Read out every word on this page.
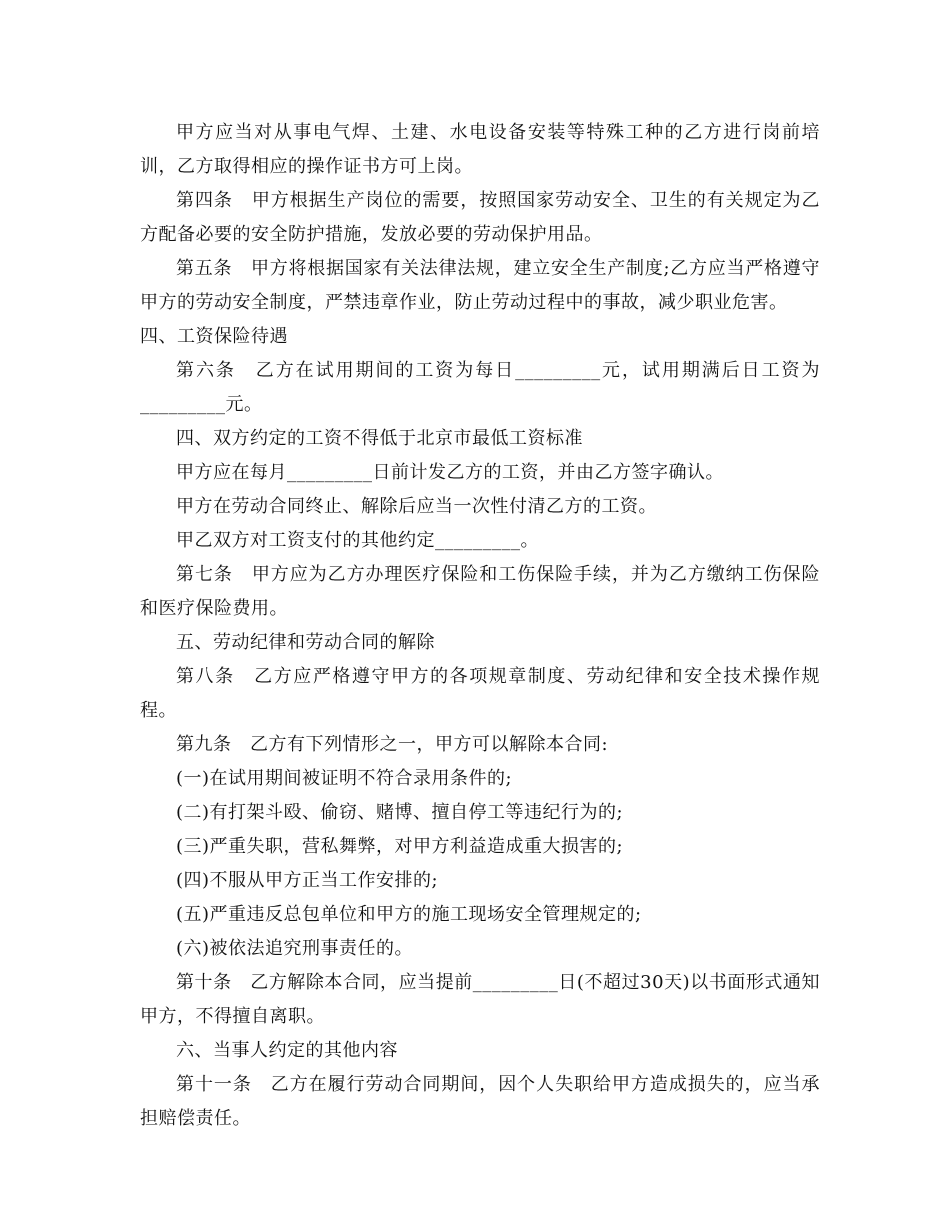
甲方应当对从事电气焊、土建、水电设备安装等特殊工种的乙方进行岗前培训，乙方取得相应的操作证书方可上岗。

第四条　甲方根据生产岗位的需要，按照国家劳动安全、卫生的有关规定为乙方配备必要的安全防护措施，发放必要的劳动保护用品。

第五条　甲方将根据国家有关法律法规，建立安全生产制度;乙方应当严格遵守甲方的劳动安全制度，严禁违章作业，防止劳动过程中的事故，减少职业危害。

四、工资保险待遇

第六条　乙方在试用期间的工资为每日_________元，试用期满后日工资为_________元。

四、双方约定的工资不得低于北京市最低工资标准

甲方应在每月_________日前计发乙方的工资，并由乙方签字确认。

甲方在劳动合同终止、解除后应当一次性付清乙方的工资。

甲乙双方对工资支付的其他约定_________。

第七条　甲方应为乙方办理医疗保险和工伤保险手续，并为乙方缴纳工伤保险和医疗保险费用。

五、劳动纪律和劳动合同的解除

第八条　乙方应严格遵守甲方的各项规章制度、劳动纪律和安全技术操作规程。

第九条　乙方有下列情形之一，甲方可以解除本合同:

(一)在试用期间被证明不符合录用条件的;

(二)有打架斗殴、偷窃、赌博、擅自停工等违纪行为的;

(三)严重失职，营私舞弊，对甲方利益造成重大损害的;

(四)不服从甲方正当工作安排的;

(五)严重违反总包单位和甲方的施工现场安全管理规定的;

(六)被依法追究刑事责任的。

第十条　乙方解除本合同，应当提前_________日(不超过30天)以书面形式通知甲方，不得擅自离职。

六、当事人约定的其他内容

第十一条　乙方在履行劳动合同期间，因个人失职给甲方造成损失的，应当承担赔偿责任。
